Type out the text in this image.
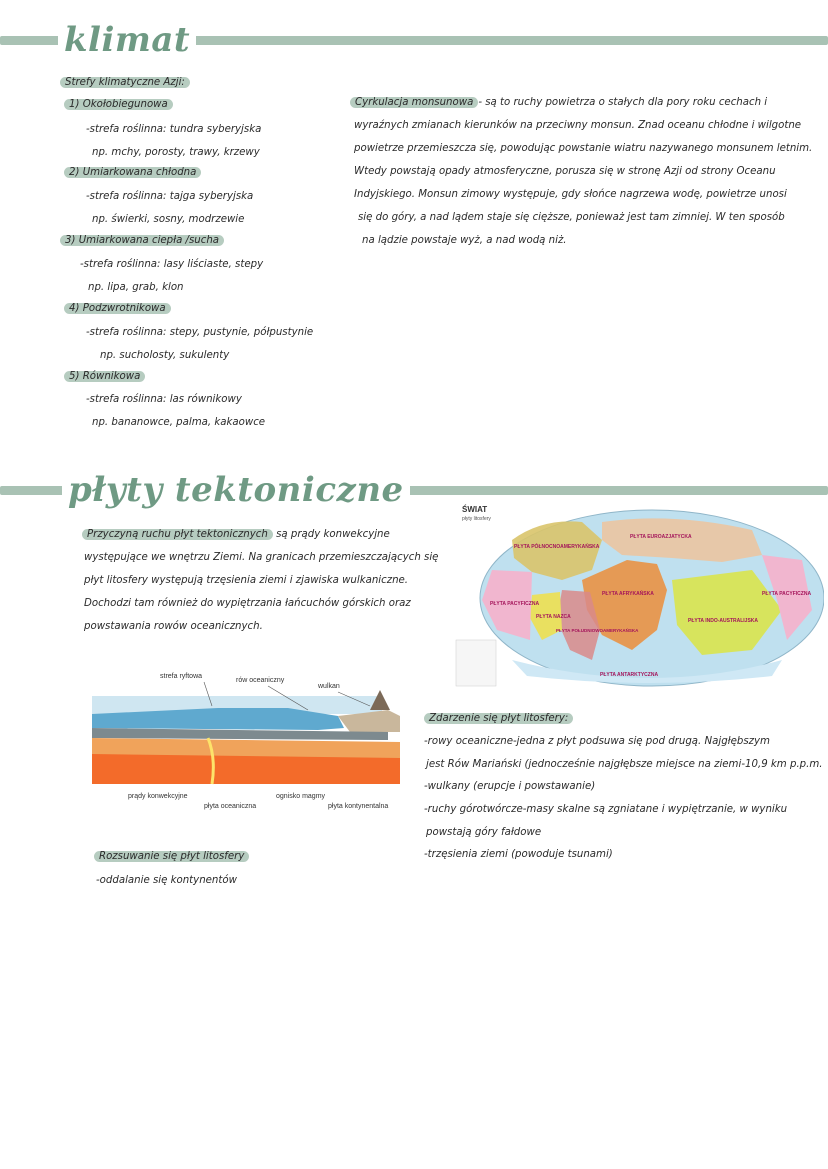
klimat
Strefy klimatyczne Azji:
1) Okołobiegunowa
-strefa roślinna: tundra syberyjska
np. mchy, porosty, trawy, krzewy
2) Umiarkowana chłodna
-strefa roślinna: tajga syberyjska
np. świerki, sosny, modrzewie
3) Umiarkowana ciepła /sucha
-strefa roślinna: lasy liściaste, stepy
np. lipa, grab, klon
4) Podzwrotnikowa
-strefa roślinna: stepy, pustynie, półpustynie
np. sucholosty, sukulenty
5) Równikowa
-strefa roślinna: las równikowy
np. bananowce, palma, kakaowce
Cyrkulacja monsunowa - są to ruchy powietrza o stałych dla pory roku cechach i
wyraźnych zmianach kierunków na przeciwny monsun. Znad oceanu chłodne i wilgotne
powietrze przemieszcza się, powodując powstanie wiatru nazywanego monsunem letnim.
Wtedy powstają opady atmosferyczne, porusza się w stronę Azji od strony Oceanu
Indyjskiego. Monsun zimowy występuje, gdy słońce nagrzewa wodę, powietrze unosi
się do góry, a nad lądem staje się cięższe, ponieważ jest tam zimniej. W ten sposób
na lądzie powstaje wyż, a nad wodą niż.
płyty tektoniczne
Przyczyną ruchu płyt tektonicznych są prądy konwekcyjne
występujące we wnętrzu Ziemi. Na granicach przemieszczających się
płyt litosfery występują trzęsienia ziemi i zjawiska wulkaniczne.
Dochodzi tam również do wypiętrzania łańcuchów górskich oraz
powstawania rowów oceanicznych.
ŚWIAT
płyty litosfery
PŁYTA PÓŁNOCNOAMERYKAŃSKA
PŁYTA EUROAZJATYCKA
PŁYTA PACYFICZNA
PŁYTA AFRYKAŃSKA
PŁYTA NAZCA
PŁYTA POŁUDNIOWOAMERYKAŃSKA
PŁYTA INDO-AUSTRALIJSKA
PŁYTA ANTARKTYCZNA
PŁYTA PACYFICZNA
strefa ryftowa
rów oceaniczny
wulkan
prądy konwekcyjne
płyta oceaniczna
ognisko magmy
płyta kontynentalna
Zdarzenie się płyt litosfery:
-rowy oceaniczne-jedna z płyt podsuwa się pod drugą. Najgłębszym
jest Rów Mariański (jednocześnie najgłębsze miejsce na ziemi-10,9 km p.p.m.
-wulkany (erupcje i powstawanie)
-ruchy górotwórcze-masy skalne są zgniatane i wypiętrzanie, w wyniku
powstają góry fałdowe
-trzęsienia ziemi (powoduje tsunami)
Rozsuwanie się płyt litosfery
-oddalanie się kontynentów
